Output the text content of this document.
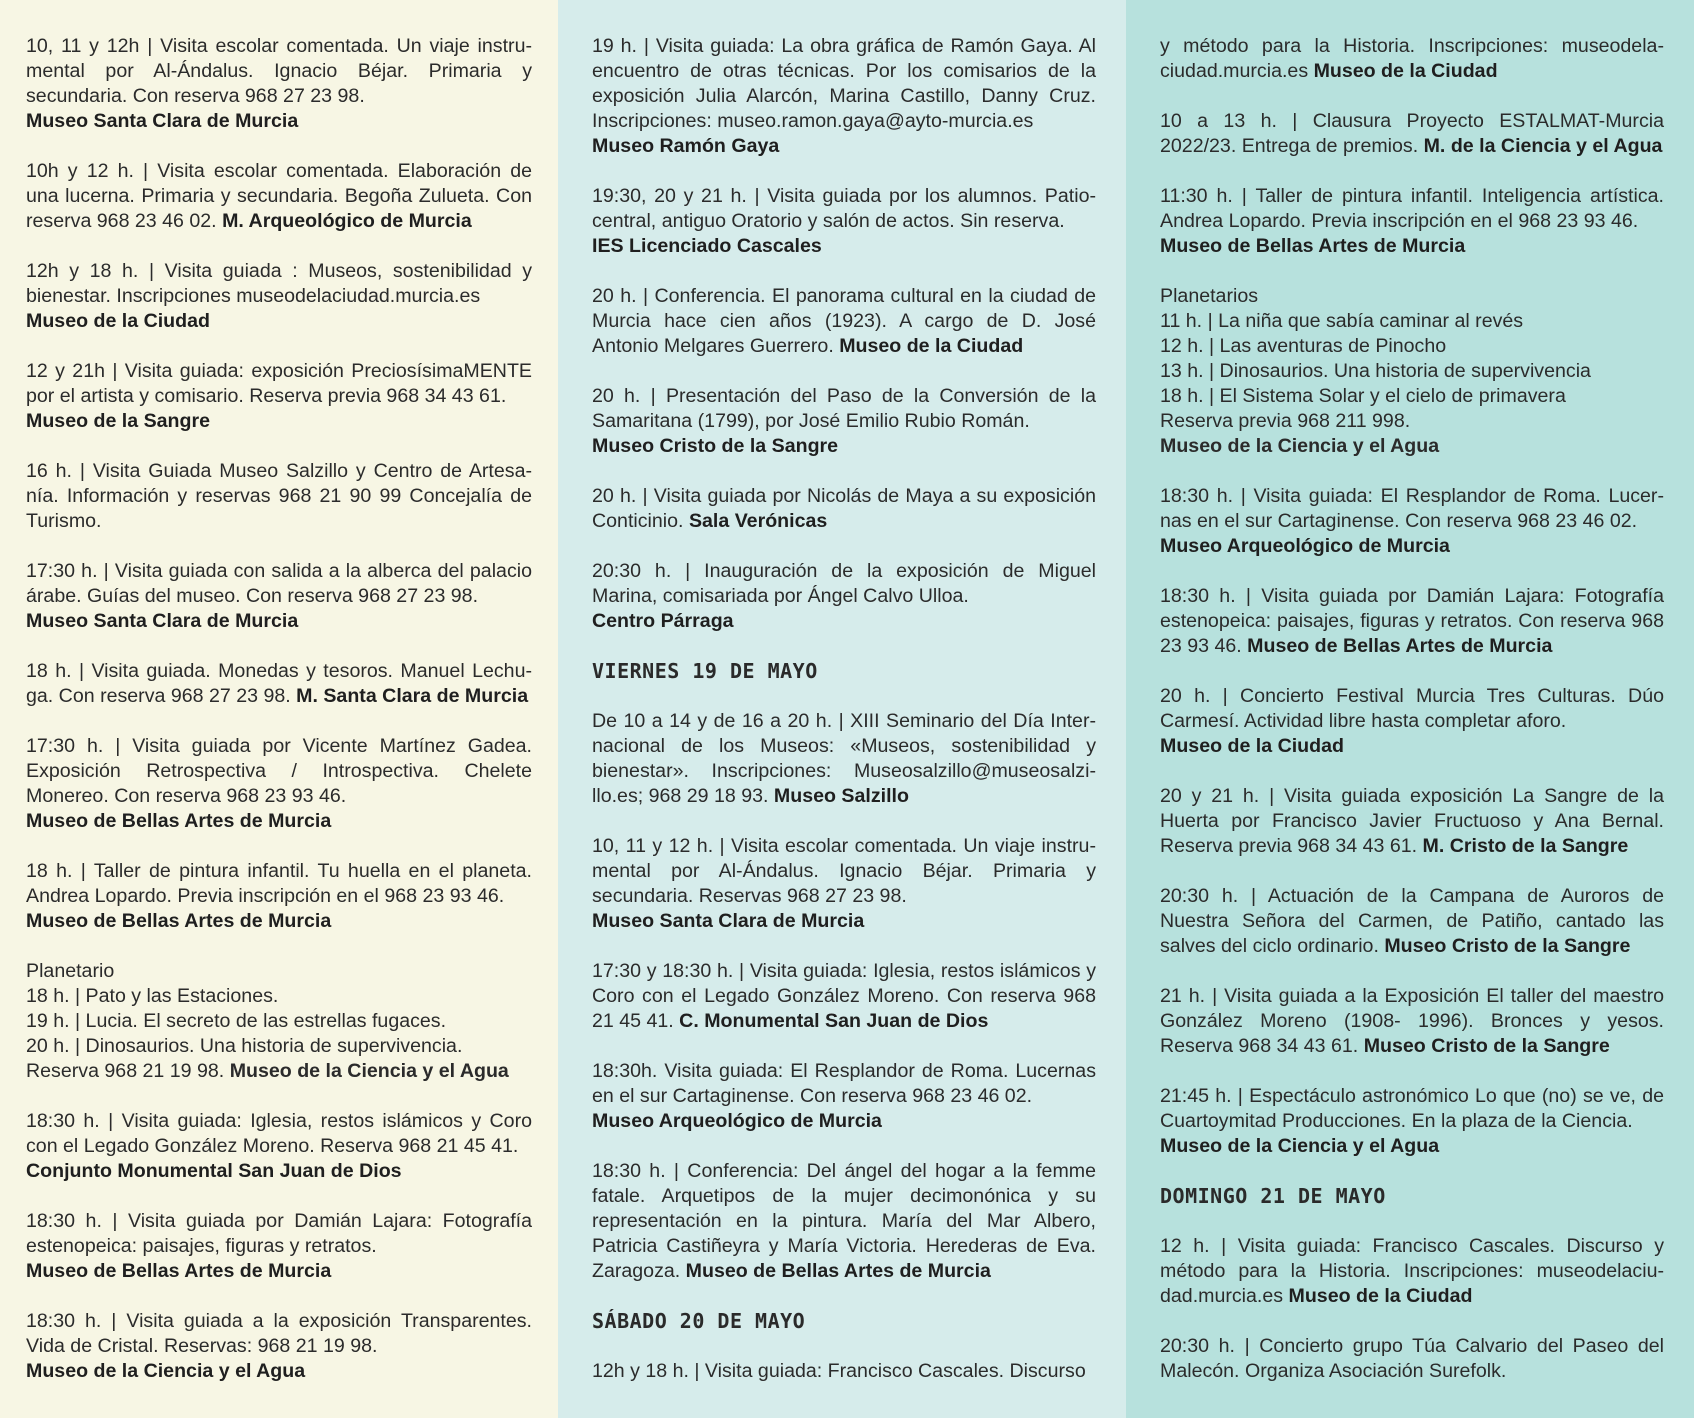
10, 11 y 12h | Visita escolar comentada. Un viaje instrumental por Al-Ándalus. Ignacio Béjar. Primaria y secundaria. Con reserva 968 27 23 98.
Museo Santa Clara de Murcia

10h y 12 h. | Visita escolar comentada. Elaboración de una lucerna. Primaria y secundaria. Begoña Zulueta. Con reserva 968 23 46 02. M. Arqueológico de Murcia

12h y 18 h. | Visita guiada : Museos, sostenibilidad y bienestar. Inscripciones museodelaciudad.murcia.es
Museo de la Ciudad

12 y 21h | Visita guiada: exposición PreciosísimaMENTE por el artista y comisario. Reserva previa 968 34 43 61.
Museo de la Sangre

16 h. | Visita Guiada Museo Salzillo y Centro de Artesanía. Información y reservas 968 21 90 99 Concejalía de Turismo.

17:30 h. | Visita guiada con salida a la alberca del palacio árabe. Guías del museo. Con reserva 968 27 23 98.
Museo Santa Clara de Murcia

18 h. | Visita guiada. Monedas y tesoros. Manuel Lechuga. Con reserva 968 27 23 98. M. Santa Clara de Murcia

17:30 h. | Visita guiada por Vicente Martínez Gadea. Exposición Retrospectiva / Introspectiva. Chelete Monereo. Con reserva 968 23 93 46.
Museo de Bellas Artes de Murcia

18 h. | Taller de pintura infantil. Tu huella en el planeta. Andrea Lopardo. Previa inscripción en el 968 23 93 46.
Museo de Bellas Artes de Murcia

Planetario
18 h. | Pato y las Estaciones.
19 h. | Lucia. El secreto de las estrellas fugaces.
20 h. | Dinosaurios. Una historia de supervivencia.
Reserva 968 21 19 98. Museo de la Ciencia y el Agua

18:30 h. | Visita guiada: Iglesia, restos islámicos y Coro con el Legado González Moreno. Reserva 968 21 45 41.
Conjunto Monumental San Juan de Dios

18:30 h. | Visita guiada por Damián Lajara: Fotografía estenopeica: paisajes, figuras y retratos.
Museo de Bellas Artes de Murcia

18:30 h. | Visita guiada a la exposición Transparentes. Vida de Cristal. Reservas: 968 21 19 98.
Museo de la Ciencia y el Agua

19 h. | Visita guiada: La obra gráfica de Ramón Gaya. Al encuentro de otras técnicas. Por los comisarios de la exposición Julia Alarcón, Marina Castillo, Danny Cruz. Inscripciones: museo.ramon.gaya@ayto-murcia.es
Museo Ramón Gaya

19:30, 20 y 21 h. | Visita guiada por los alumnos. Patio-central, antiguo Oratorio y salón de actos. Sin reserva.
IES Licenciado Cascales

20 h. | Conferencia. El panorama cultural en la ciudad de Murcia hace cien años (1923). A cargo de D. José Antonio Melgares Guerrero. Museo de la Ciudad

20 h. | Presentación del Paso de la Conversión de la Samaritana (1799), por José Emilio Rubio Román.
Museo Cristo de la Sangre

20 h. | Visita guiada por Nicolás de Maya a su exposición Conticinio. Sala Verónicas

20:30 h. | Inauguración de la exposición de Miguel Marina, comisariada por Ángel Calvo Ulloa.
Centro Párraga

VIERNES 19 DE MAYO

De 10 a 14 y de 16 a 20 h. | XIII Seminario del Día Internacional de los Museos: «Museos, sostenibilidad y bienestar». Inscripciones: Museosalzillo@museosalzillo.es; 968 29 18 93. Museo Salzillo

10, 11 y 12 h. | Visita escolar comentada. Un viaje instrumental por Al-Ándalus. Ignacio Béjar. Primaria y secundaria. Reservas 968 27 23 98.
Museo Santa Clara de Murcia

17:30 y 18:30 h. | Visita guiada: Iglesia, restos islámicos y Coro con el Legado González Moreno. Con reserva 968 21 45 41. C. Monumental San Juan de Dios

18:30h. Visita guiada: El Resplandor de Roma. Lucernas en el sur Cartaginense. Con reserva 968 23 46 02.
Museo Arqueológico de Murcia

18:30 h. | Conferencia: Del ángel del hogar a la femme fatale. Arquetipos de la mujer decimonónica y su representación en la pintura. María del Mar Albero, Patricia Castiñeyra y María Victoria. Herederas de Eva. Zaragoza. Museo de Bellas Artes de Murcia

SÁBADO 20 DE MAYO

12h y 18 h. | Visita guiada: Francisco Cascales. Discurso

y método para la Historia. Inscripciones: museodelaciudad.murcia.es Museo de la Ciudad

10 a 13 h. | Clausura Proyecto ESTALMAT-Murcia 2022/23. Entrega de premios. M. de la Ciencia y el Agua

11:30 h. | Taller de pintura infantil. Inteligencia artística. Andrea Lopardo. Previa inscripción en el 968 23 93 46.
Museo de Bellas Artes de Murcia

Planetarios
11 h. | La niña que sabía caminar al revés
12 h. | Las aventuras de Pinocho
13 h. | Dinosaurios. Una historia de supervivencia
18 h. | El Sistema Solar y el cielo de primavera
Reserva previa 968 211 998.
Museo de la Ciencia y el Agua

18:30 h. | Visita guiada: El Resplandor de Roma. Lucernas en el sur Cartaginense. Con reserva 968 23 46 02.
Museo Arqueológico de Murcia

18:30 h. | Visita guiada por Damián Lajara: Fotografía estenopeica: paisajes, figuras y retratos. Con reserva 968 23 93 46. Museo de Bellas Artes de Murcia

20 h. | Concierto Festival Murcia Tres Culturas. Dúo Carmesí. Actividad libre hasta completar aforo.
Museo de la Ciudad

20 y 21 h. | Visita guiada exposición La Sangre de la Huerta por Francisco Javier Fructuoso y Ana Bernal. Reserva previa 968 34 43 61. M. Cristo de la Sangre

20:30 h. | Actuación de la Campana de Auroros de Nuestra Señora del Carmen, de Patiño, cantado las salves del ciclo ordinario. Museo Cristo de la Sangre

21 h. | Visita guiada a la Exposición El taller del maestro González Moreno (1908- 1996). Bronces y yesos. Reserva 968 34 43 61. Museo Cristo de la Sangre

21:45 h. | Espectáculo astronómico Lo que (no) se ve, de Cuartoymitad Producciones. En la plaza de la Ciencia.
Museo de la Ciencia y el Agua

DOMINGO 21 DE MAYO

12 h. | Visita guiada: Francisco Cascales. Discurso y método para la Historia. Inscripciones: museodelaciudad.murcia.es Museo de la Ciudad

20:30 h. | Concierto grupo Túa Calvario del Paseo del Malecón. Organiza Asociación Surefolk.
